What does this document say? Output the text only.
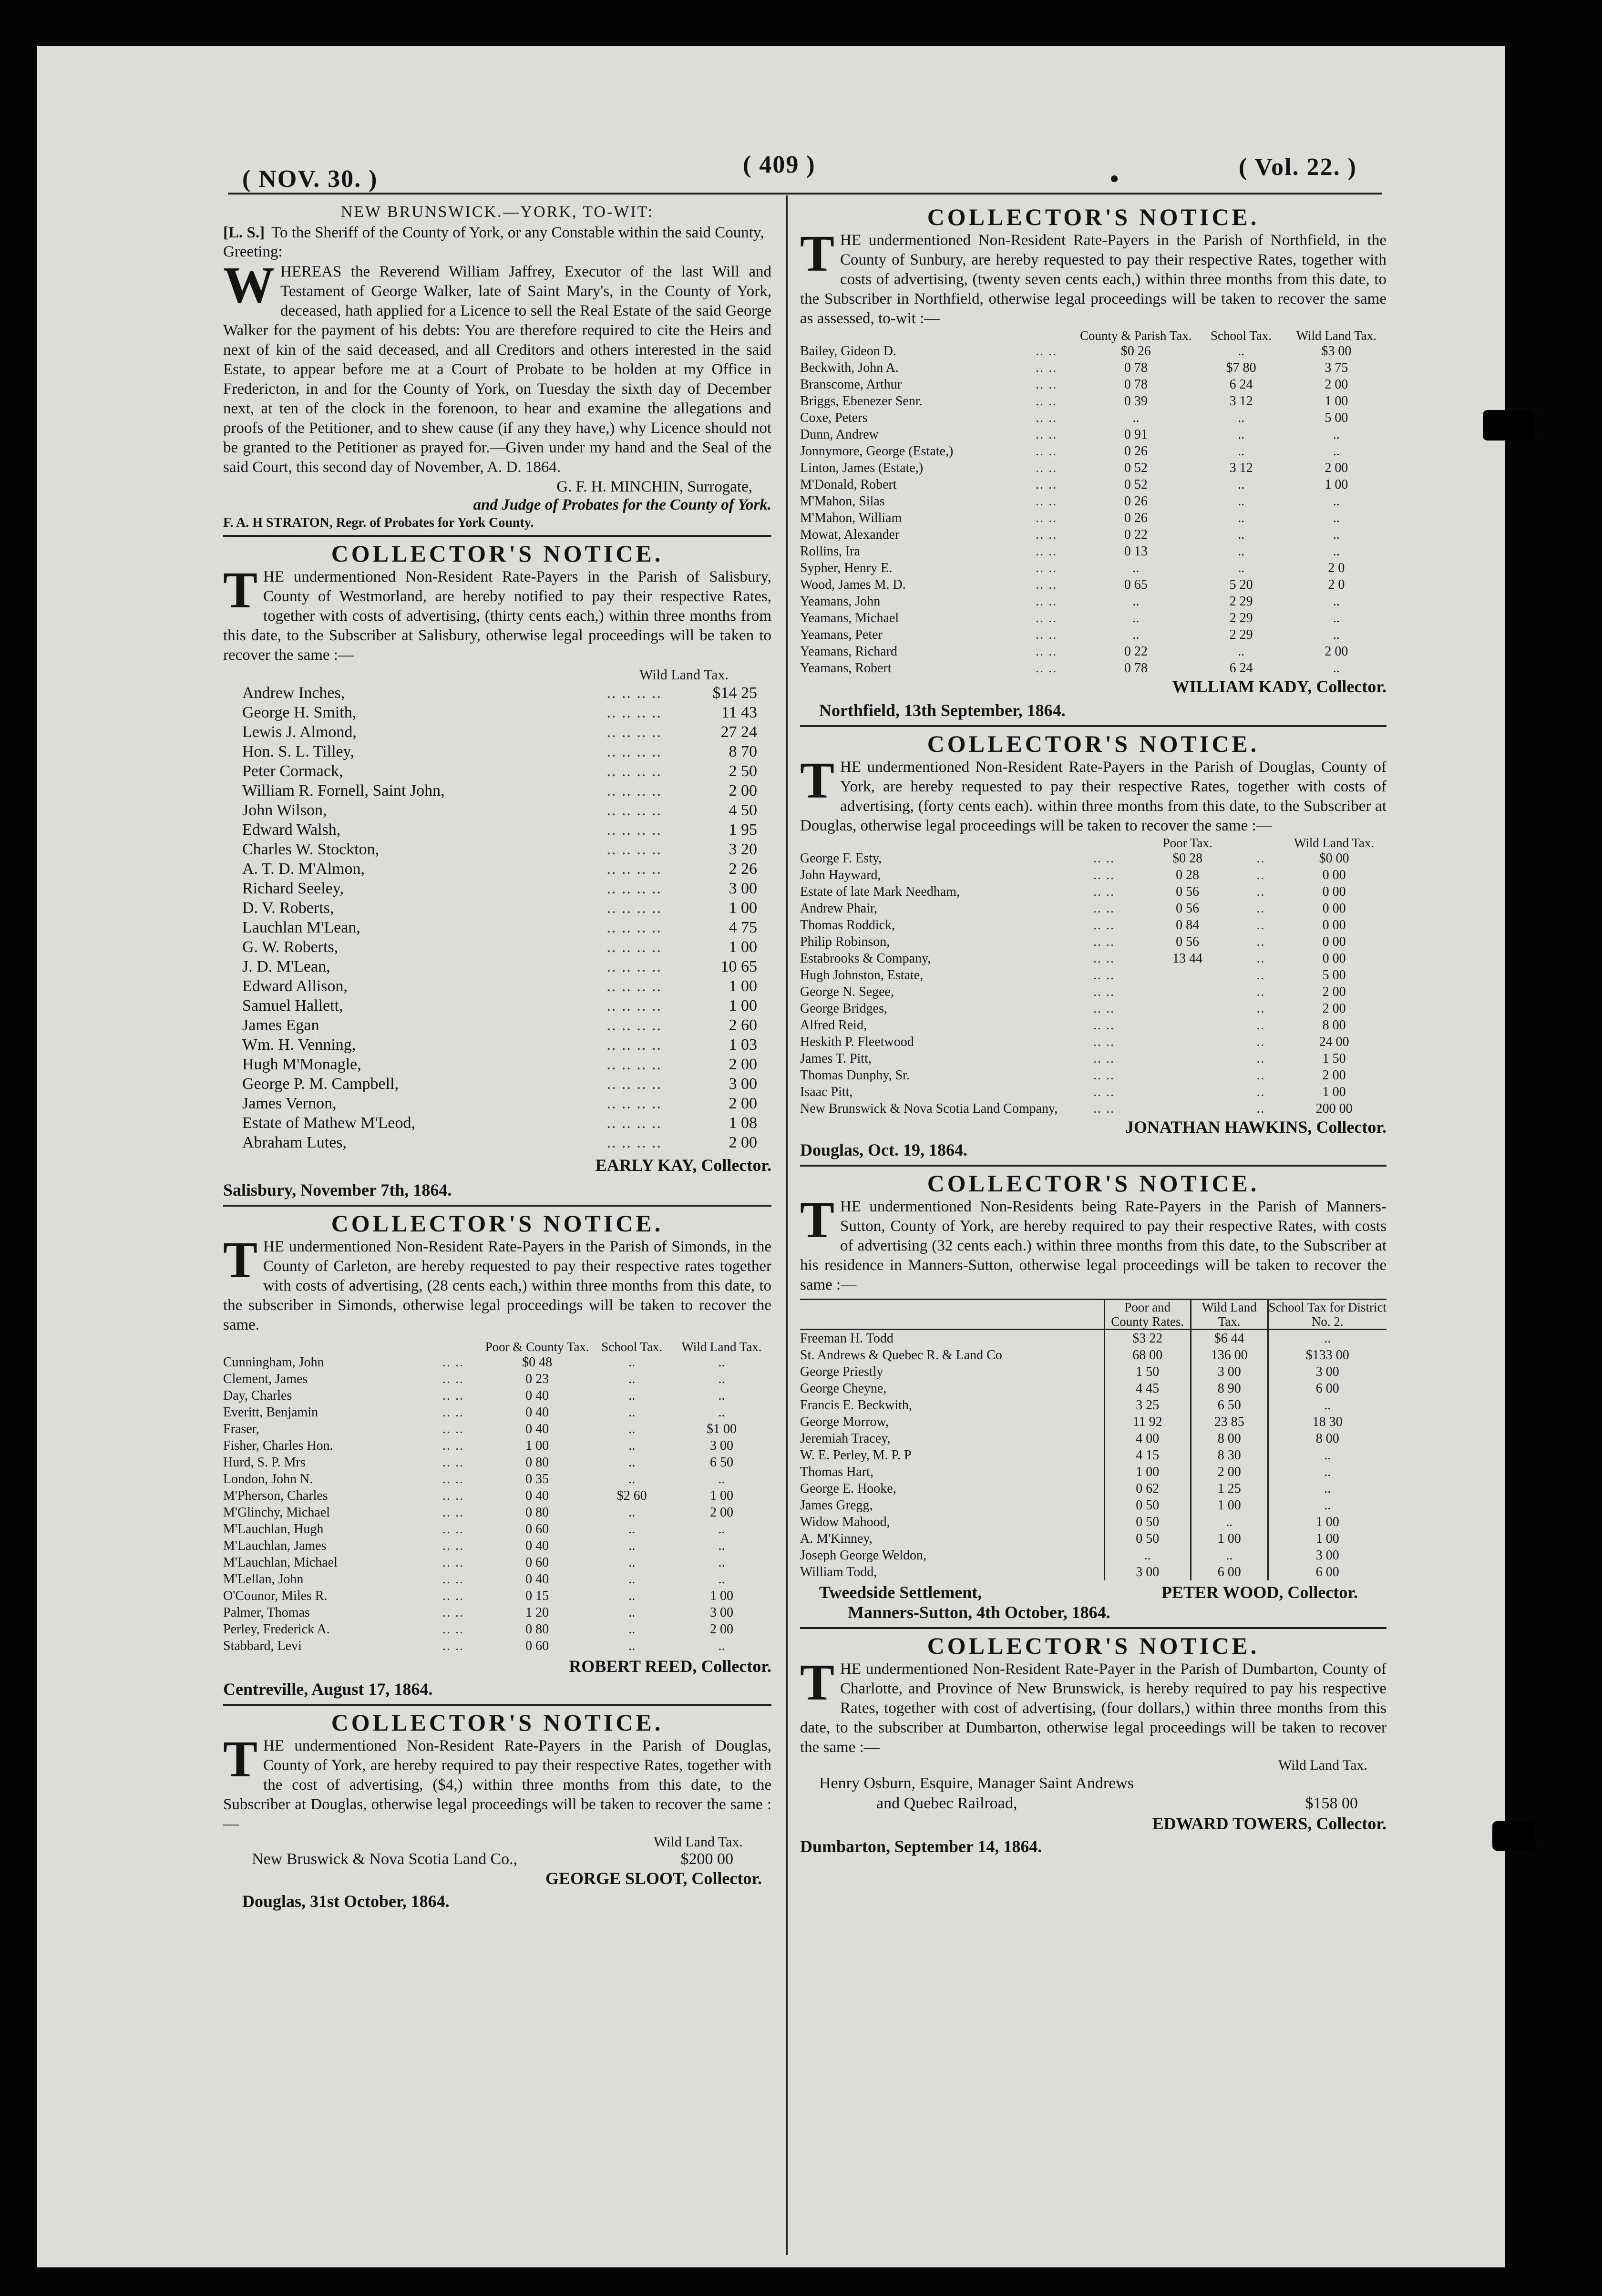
( NOV. 30. )
( 409 )
•	( Vol. 22. )
NEW BRUNSWICK.—YORK, TO-WIT:
[L. S.] To the Sheriff of the County of York, or any Constable within the said County, Greeting:

WHEREAS the Reverend William Jaffrey, Executor of the last Will and Testament of George Walker, late of Saint Mary's, in the County of York, deceased, hath applied for a Licence to sell the Real Estate of the said George Walker for the payment of his debts: You are therefore required to cite the Heirs and next of kin of the said deceased, and all Creditors and others interested in the said Estate, to appear before me at a Court of Probate to be holden at my Office in Fredericton, in and for the County of York, on Tuesday the sixth day of December next, at ten of the clock in the forenoon, to hear and examine the allegations and proofs of the Petitioner, and to shew cause (if any they have,) why Licence should not be granted to the Petitioner as prayed for.—Given under my hand and the Seal of the said Court, this second day of November, A. D. 1864.

G. F. H. MINCHIN, Surrogate,
and Judge of Probates for the County of York.
F. A. H STRATON, Regr. of Probates for York County.
COLLECTOR'S NOTICE.

THE undermentioned Non-Resident Rate-Payers in the Parish of Salisbury, County of Westmorland, are hereby notified to pay their respective Rates, together with costs of advertising, (thirty cents each,) within three months from this date, to the Subscriber at Salisbury, otherwise legal proceedings will be taken to recover the same :—

Wild Land Tax.
Andrew Inches,	.. .. .. ..	$14 25
George H. Smith,	.. .. .. ..	11 43
Lewis J. Almond,	.. .. .. ..	27 24
Hon. S. L. Tilley,	.. .. .. ..	8 70
Peter Cormack,	.. .. .. ..	2 50
William R. Fornell, Saint John,	.. .. .. ..	2 00
John Wilson,	.. .. .. ..	4 50
Edward Walsh,	.. .. .. ..	1 95
Charles W. Stockton,	.. .. .. ..	3 20
A. T. D. M'Almon,	.. .. .. ..	2 26
Richard Seeley,	.. .. .. ..	3 00
D. V. Roberts,	.. .. .. ..	1 00
Lauchlan M'Lean,	.. .. .. ..	4 75
G. W. Roberts,	.. .. .. ..	1 00
J. D. M'Lean,	.. .. .. ..	10 65
Edward Allison,	.. .. .. ..	1 00
Samuel Hallett,	.. .. .. ..	1 00
James Egan	.. .. .. ..	2 60
Wm. H. Venning,	.. .. .. ..	1 03
Hugh M'Monagle,	.. .. .. ..	2 00
George P. M. Campbell,	.. .. .. ..	3 00
James Vernon,	.. .. .. ..	2 00
Estate of Mathew M'Leod,	.. .. .. ..	1 08
Abraham Lutes,	.. .. .. ..	2 00
EARLY KAY, Collector.
Salisbury, November 7th, 1864.
COLLECTOR'S NOTICE.

THE undermentioned Non-Resident Rate-Payers in the Parish of Simonds, in the County of Carleton, are hereby requested to pay their respective rates together with costs of advertising, (28 cents each,) within three months from this date, to the subscriber in Simonds, otherwise legal proceedings will be taken to recover the same.

		Poor & County Tax.	School Tax.	Wild Land Tax.
Cunningham, John	.. ..	$0 48	..	..
Clement, James	.. ..	0 23	..	..
Day, Charles	.. ..	0 40	..	..
Everitt, Benjamin	.. ..	0 40	..	..
Fraser,	.. ..	0 40	..	$1 00
Fisher, Charles Hon.	.. ..	1 00	..	3 00
Hurd, S. P. Mrs	.. ..	0 80	..	6 50
London, John N.	.. ..	0 35	..	..
M'Pherson, Charles	.. ..	0 40	$2 60	1 00
M'Glinchy, Michael	.. ..	0 80	..	2 00
M'Lauchlan, Hugh	.. ..	0 60	..	..
M'Lauchlan, James	.. ..	0 40	..	..
M'Lauchlan, Michael	.. ..	0 60	..	..
M'Lellan, John	.. ..	0 40	..	..
O'Counor, Miles R.	.. ..	0 15	..	1 00
Palmer, Thomas	.. ..	1 20	..	3 00
Perley, Frederick A.	.. ..	0 80	..	2 00
Stabbard, Levi	.. ..	0 60	..	..
ROBERT REED, Collector.
Centreville, August 17, 1864.
COLLECTOR'S NOTICE.

THE undermentioned Non-Resident Rate-Payers in the Parish of Douglas, County of York, are hereby required to pay their respective Rates, together with the cost of advertising, ($4,) within three months from this date, to the Subscriber at Douglas, otherwise legal proceedings will be taken to recover the same :—

Wild Land Tax.
New Bruswick & Nova Scotia Land Co.,	$200 00
GEORGE SLOOT, Collector.
Douglas, 31st October, 1864.
COLLECTOR'S NOTICE.

THE undermentioned Non-Resident Rate-Payers in the Parish of Northfield, in the County of Sunbury, are hereby requested to pay their respective Rates, together with costs of advertising, (twenty seven cents each,) within three months from this date, to the Subscriber in Northfield, otherwise legal proceedings will be taken to recover the same as assessed, to-wit :—

		County & Parish Tax.	School Tax.	Wild Land Tax.
Bailey, Gideon D.	.. ..	$0 26	..	$3 00
Beckwith, John A.	.. ..	0 78	$7 80	3 75
Branscome, Arthur	.. ..	0 78	6 24	2 00
Briggs, Ebenezer Senr.	.. ..	0 39	3 12	1 00
Coxe, Peters	.. ..	..	..	5 00
Dunn, Andrew	.. ..	0 91	..	..
Jonnymore, George (Estate,)	.. ..	0 26	..	..
Linton, James (Estate,)	.. ..	0 52	3 12	2 00
M'Donald, Robert	.. ..	0 52	..	1 00
M'Mahon, Silas	.. ..	0 26	..	..
M'Mahon, William	.. ..	0 26	..	..
Mowat, Alexander	.. ..	0 22	..	..
Rollins, Ira	.. ..	0 13	..	..
Sypher, Henry E.	.. ..	..	..	2 0
Wood, James M. D.	.. ..	0 65	5 20	2 0
Yeamans, John	.. ..	..	2 29	..
Yeamans, Michael	.. ..	..	2 29	..
Yeamans, Peter	.. ..	..	2 29	..
Yeamans, Richard	.. ..	0 22	..	2 00
Yeamans, Robert	.. ..	0 78	6 24	..
WILLIAM KADY, Collector.
Northfield, 13th September, 1864.
COLLECTOR'S NOTICE.

THE undermentioned Non-Resident Rate-Payers in the Parish of Douglas, County of York, are hereby requested to pay their respective Rates, together with costs of advertising, (forty cents each). within three months from this date, to the Subscriber at Douglas, otherwise legal proceedings will be taken to recover the same :—

		Poor Tax.		Wild Land Tax.
George F. Esty,	.. ..	$0 28	..	$0 00
John Hayward,	.. ..	0 28	..	0 00
Estate of late Mark Needham,	.. ..	0 56	..	0 00
Andrew Phair,	.. ..	0 56	..	0 00
Thomas Roddick,	.. ..	0 84	..	0 00
Philip Robinson,	.. ..	0 56	..	0 00
Estabrooks & Company,	.. ..	13 44	..	0 00
Hugh Johnston, Estate,	.. ..		..	5 00
George N. Segee,	.. ..		..	2 00
George Bridges,	.. ..		..	2 00
Alfred Reid,	.. ..		..	8 00
Heskith P. Fleetwood	.. ..		..	24 00
James T. Pitt,	.. ..		..	1 50
Thomas Dunphy, Sr.	.. ..		..	2 00
Isaac Pitt,	.. ..		..	1 00
New Brunswick & Nova Scotia Land Company,	.. ..		..	200 00
JONATHAN HAWKINS, Collector.
Douglas, Oct. 19, 1864.
COLLECTOR'S NOTICE.

THE undermentioned Non-Residents being Rate-Payers in the Parish of Manners-Sutton, County of York, are hereby required to pay their respective Rates, with costs of advertising (32 cents each.) within three months from this date, to the Subscriber at his residence in Manners-Sutton, otherwise legal proceedings will be taken to recover the same :—

	Poor and County Rates.	Wild Land Tax.	School Tax for District No. 2.
Freeman H. Todd	$3 22	$6 44	..
St. Andrews & Quebec R. & Land Co	68 00	136 00	$133 00
George Priestly	1 50	3 00	3 00
George Cheyne,	4 45	8 90	6 00
Francis E. Beckwith,	3 25	6 50	..
George Morrow,	11 92	23 85	18 30
Jeremiah Tracey,	4 00	8 00	8 00
W. E. Perley, M. P. P	4 15	8 30	..
Thomas Hart,	1 00	2 00	..
George E. Hooke,	0 62	1 25	..
James Gregg,	0 50	1 00	..
Widow Mahood,	0 50	..	1 00
A. M'Kinney,	0 50	1 00	1 00
Joseph George Weldon,	..	..	3 00
William Todd,	3 00	6 00	6 00
Tweedside Settlement,	PETER WOOD, Collector.
Manners-Sutton, 4th October, 1864.
COLLECTOR'S NOTICE.

THE undermentioned Non-Resident Rate-Payer in the Parish of Dumbarton, County of Charlotte, and Province of New Brunswick, is hereby required to pay his respective Rates, together with cost of advertising, (four dollars,) within three months from this date, to the subscriber at Dumbarton, otherwise legal proceedings will be taken to recover the same :—

Wild Land Tax.
Henry Osburn, Esquire, Manager Saint Andrews
and Quebec Railroad,	$158 00
EDWARD TOWERS, Collector.
Dumbarton, September 14, 1864.
